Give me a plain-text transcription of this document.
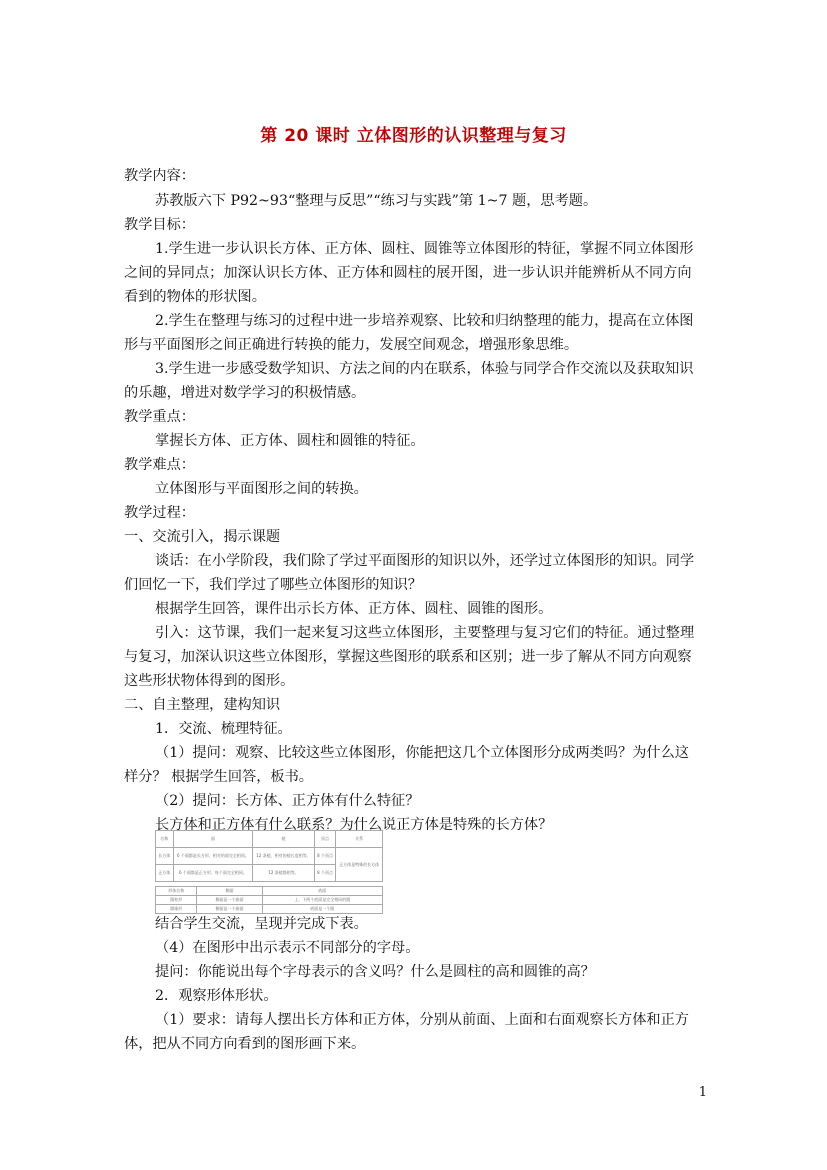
第 20 课时 立体图形的认识整理与复习
教学内容：
苏教版六下 P92~93“整理与反思”“练习与实践”第 1~7 题，思考题。
教学目标：
1.学生进一步认识长方体、正方体、圆柱、圆锥等立体图形的特征，掌握不同立体图形
之间的异同点；加深认识长方体、正方体和圆柱的展开图，进一步认识并能辨析从不同方向
看到的物体的形状图。
2.学生在整理与练习的过程中进一步培养观察、比较和归纳整理的能力，提高在立体图
形与平面图形之间正确进行转换的能力，发展空间观念，增强形象思维。
3.学生进一步感受数学知识、方法之间的内在联系，体验与同学合作交流以及获取知识
的乐趣，增进对数学学习的积极情感。
教学重点：
掌握长方体、正方体、圆柱和圆锥的特征。
教学难点：
立体图形与平面图形之间的转换。
教学过程：
一、交流引入，揭示课题
谈话：在小学阶段，我们除了学过平面图形的知识以外，还学过立体图形的知识。同学
们回忆一下，我们学过了哪些立体图形的知识？
根据学生回答，课件出示长方体、正方体、圆柱、圆锥的图形。
引入：这节课，我们一起来复习这些立体图形，主要整理与复习它们的特征。通过整理
与复习，加深认识这些立体图形，掌握这些图形的联系和区别；进一步了解从不同方向观察
这些形状物体得到的图形。
二、自主整理，建构知识
1．交流、梳理特征。
（1）提问：观察、比较这些立体图形，你能把这几个立体图形分成两类吗？为什么这
样分？ 根据学生回答，板书。
（2）提问：长方体、正方体有什么特征？
长方体和正方体有什么联系？为什么说正方体是特殊的长方体？
名称	面	棱	顶点	关系
长方体	6 个面都是长方形，相对的面完全相同。	12 条棱，相对的棱长度相等。	8 个顶点	正方体是特殊的长方体
正方体	6 个面都是正方形，每个面完全相同。	12 条棱都相等。	8 个顶点	
形体名称	侧面	底面
圆柱形	侧面是一个曲面	上、下两个底面是完全相同的圆
圆锥形	侧面是一个曲面	底面是一个圆
结合学生交流，呈现并完成下表。
（4）在图形中出示表示不同部分的字母。
提问：你能说出每个字母表示的含义吗？什么是圆柱的高和圆锥的高？
2．观察形体形状。
（1）要求：请每人摆出长方体和正方体，分别从前面、上面和右面观察长方体和正方
体，把从不同方向看到的图形画下来。
1
